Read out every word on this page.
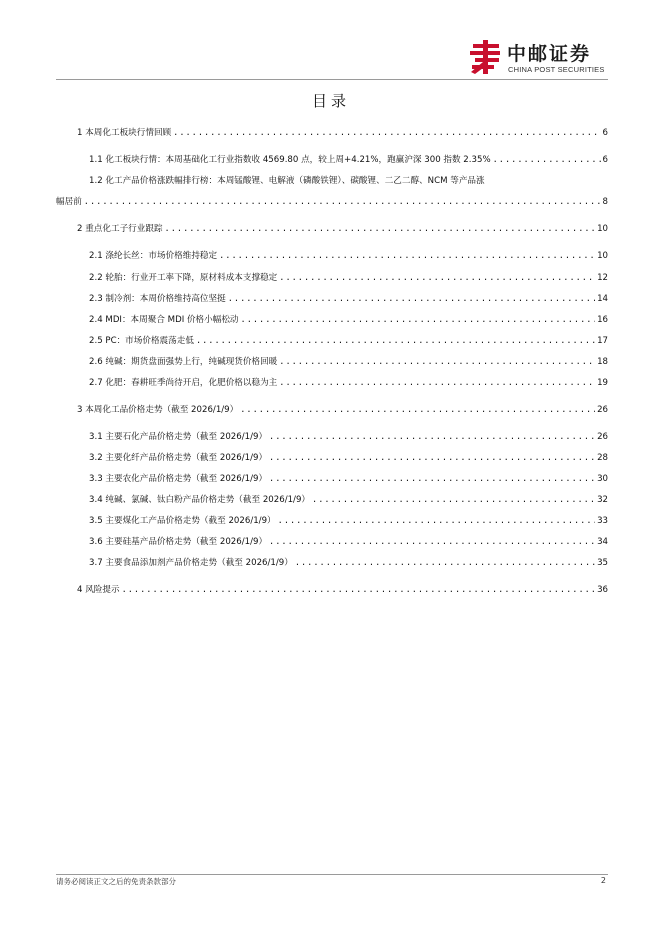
中邮证券
CHINA POST SECURITIES
目录
1 本周化工板块行情回顾 .....	6
1.1 化工板块行情：本周基础化工行业指数收 4569.80 点，较上周+4.21%，跑赢沪深 300 指数 2.35% .....	6
1.2 化工产品价格涨跌幅排行榜：本周锰酸锂、电解液（磷酸铁锂）、碳酸锂、二乙二醇、NCM 等产品涨
幅居前 .....	8
2 重点化工子行业跟踪 .....	10
2.1 涤纶长丝：市场价格维持稳定 .....	10
2.2 轮胎：行业开工率下降，原材料成本支撑稳定 .....	12
2.3 制冷剂：本周价格维持高位坚挺 .....	14
2.4 MDI：本周聚合 MDI 价格小幅松动 .....	16
2.5 PC：市场价格震荡走低 .....	17
2.6 纯碱：期货盘面强势上行，纯碱现货价格回暖 .....	18
2.7 化肥：春耕旺季尚待开启，化肥价格以稳为主 .....	19
3 本周化工品价格走势（截至 2026/1/9） .....	26
3.1 主要石化产品价格走势（截至 2026/1/9） .....	26
3.2 主要化纤产品价格走势（截至 2026/1/9） .....	28
3.3 主要农化产品价格走势（截至 2026/1/9） .....	30
3.4 纯碱、氯碱、钛白粉产品价格走势（截至 2026/1/9） .....	32
3.5 主要煤化工产品价格走势（截至 2026/1/9） .....	33
3.6 主要硅基产品价格走势（截至 2026/1/9） .....	34
3.7 主要食品添加剂产品价格走势（截至 2026/1/9） .....	35
4 风险提示 .....	36
请务必阅读正文之后的免责条款部分	2
